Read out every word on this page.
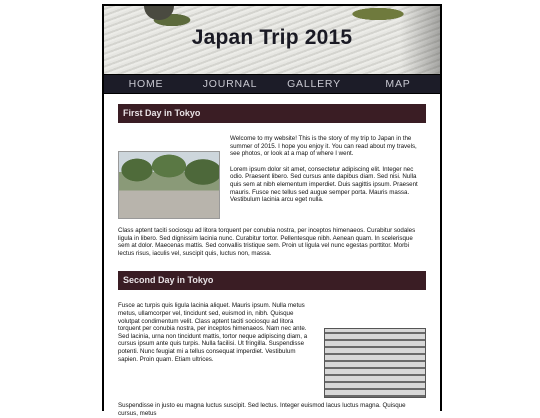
Japan Trip 2015
HOME	JOURNAL	GALLERY	MAP
First Day in Tokyo

Welcome to my website! This is the story of my trip to Japan in the summer of 2015. I hope you enjoy it. You can read about my travels, see photos, or look at a map of where I went.

Lorem ipsum dolor sit amet, consectetur adipiscing elit. Integer nec odio. Praesent libero. Sed cursus ante dapibus diam. Sed nisi. Nulla quis sem at nibh elementum imperdiet. Duis sagittis ipsum. Praesent mauris. Fusce nec tellus sed augue semper porta. Mauris massa. Vestibulum lacinia arcu eget nulla.

Class aptent taciti sociosqu ad litora torquent per conubia nostra, per inceptos himenaeos. Curabitur sodales ligula in libero. Sed dignissim lacinia nunc. Curabitur tortor. Pellentesque nibh. Aenean quam. In scelerisque sem at dolor. Maecenas mattis. Sed convallis tristique sem. Proin ut ligula vel nunc egestas porttitor. Morbi lectus risus, iaculis vel, suscipit quis, luctus non, massa.

Second Day in Tokyo

Fusce ac turpis quis ligula lacinia aliquet. Mauris ipsum. Nulla metus metus, ullamcorper vel, tincidunt sed, euismod in, nibh. Quisque volutpat condimentum velit. Class aptent taciti sociosqu ad litora torquent per conubia nostra, per inceptos himenaeos. Nam nec ante. Sed lacinia, urna non tincidunt mattis, tortor neque adipiscing diam, a cursus ipsum ante quis turpis. Nulla facilisi. Ut fringilla. Suspendisse potenti. Nunc feugiat mi a tellus consequat imperdiet. Vestibulum sapien. Proin quam. Etiam ultrices.

Suspendisse in justo eu magna luctus suscipit. Sed lectus. Integer euismod lacus luctus magna. Quisque cursus, metus
